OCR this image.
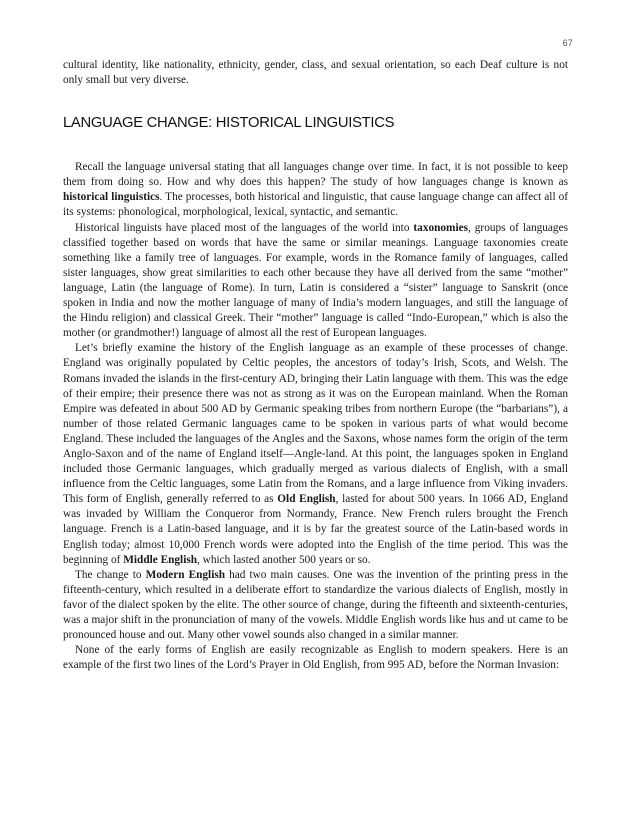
67

cultural identity, like nationality, ethnicity, gender, class, and sexual orientation, so each Deaf culture is not only small but very diverse.

LANGUAGE CHANGE: HISTORICAL LINGUISTICS

Recall the language universal stating that all languages change over time. In fact, it is not possible to keep them from doing so. How and why does this happen? The study of how languages change is known as historical linguistics. The processes, both historical and linguistic, that cause language change can affect all of its systems: phonological, morphological, lexical, syntactic, and semantic.

Historical linguists have placed most of the languages of the world into taxonomies, groups of languages classified together based on words that have the same or similar meanings. Language taxonomies create something like a family tree of languages. For example, words in the Romance family of languages, called sister languages, show great similarities to each other because they have all derived from the same “mother” language, Latin (the language of Rome). In turn, Latin is considered a “sister” language to Sanskrit (once spoken in India and now the mother language of many of India’s modern languages, and still the language of the Hindu religion) and classical Greek. Their “mother” language is called “Indo-European,” which is also the mother (or grandmother!) language of almost all the rest of European languages.

Let’s briefly examine the history of the English language as an example of these processes of change. England was originally populated by Celtic peoples, the ancestors of today’s Irish, Scots, and Welsh. The Romans invaded the islands in the first-century AD, bringing their Latin language with them. This was the edge of their empire; their presence there was not as strong as it was on the European mainland. When the Roman Empire was defeated in about 500 AD by Germanic speaking tribes from northern Europe (the “barbarians”), a number of those related Germanic languages came to be spoken in various parts of what would become England. These included the languages of the Angles and the Saxons, whose names form the origin of the term Anglo-Saxon and of the name of England itself—Angle-land. At this point, the languages spoken in England included those Germanic languages, which gradually merged as various dialects of English, with a small influence from the Celtic languages, some Latin from the Romans, and a large influence from Viking invaders. This form of English, generally referred to as Old English, lasted for about 500 years. In 1066 AD, England was invaded by William the Conqueror from Normandy, France. New French rulers brought the French language. French is a Latin-based language, and it is by far the greatest source of the Latin-based words in English today; almost 10,000 French words were adopted into the English of the time period. This was the beginning of Middle English, which lasted another 500 years or so.

The change to Modern English had two main causes. One was the invention of the printing press in the fifteenth-century, which resulted in a deliberate effort to standardize the various dialects of English, mostly in favor of the dialect spoken by the elite. The other source of change, during the fifteenth and sixteenth-centuries, was a major shift in the pronunciation of many of the vowels. Middle English words like hus and ut came to be pronounced house and out. Many other vowel sounds also changed in a similar manner.

None of the early forms of English are easily recognizable as English to modern speakers. Here is an example of the first two lines of the Lord’s Prayer in Old English, from 995 AD, before the Norman Invasion:
